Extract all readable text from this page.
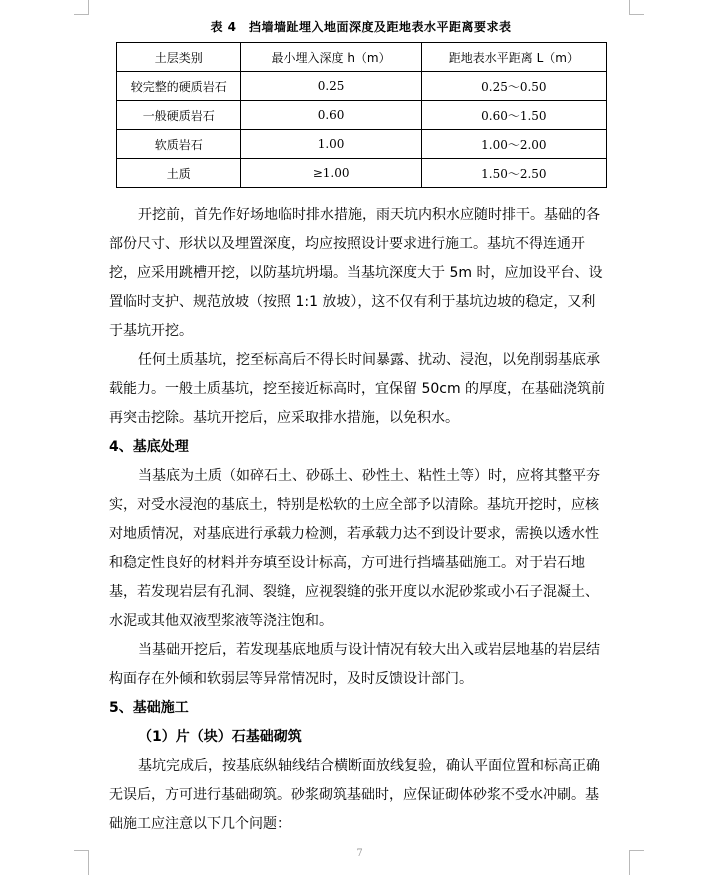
表 4　挡墙墙趾埋入地面深度及距地表水平距离要求表
土层类别	最小埋入深度 h（m）	距地表水平距离 L（m）
较完整的硬质岩石	0.25	0.25～0.50
一般硬质岩石	0.60	0.60～1.50
软质岩石	1.00	1.00～2.00
土质	≥1.00	1.50～2.50

开挖前，首先作好场地临时排水措施，雨天坑内积水应随时排干。基础的各部份尺寸、形状以及埋置深度，均应按照设计要求进行施工。基坑不得连通开挖，应采用跳槽开挖，以防基坑坍塌。当基坑深度大于 5m 时，应加设平台、设置临时支护、规范放坡（按照 1:1 放坡），这不仅有利于基坑边坡的稳定，又利于基坑开挖。

任何土质基坑，挖至标高后不得长时间暴露、扰动、浸泡，以免削弱基底承载能力。一般土质基坑，挖至接近标高时，宜保留 50cm 的厚度，在基础浇筑前再突击挖除。基坑开挖后，应采取排水措施，以免积水。

4、基底处理

当基底为土质（如碎石土、砂砾土、砂性土、粘性土等）时，应将其整平夯实，对受水浸泡的基底土，特别是松软的土应全部予以清除。基坑开挖时，应核对地质情况，对基底进行承载力检测，若承载力达不到设计要求，需换以透水性和稳定性良好的材料并夯填至设计标高，方可进行挡墙基础施工。对于岩石地基，若发现岩层有孔洞、裂缝，应视裂缝的张开度以水泥砂浆或小石子混凝土、水泥或其他双液型浆液等浇注饱和。

当基础开挖后，若发现基底地质与设计情况有较大出入或岩层地基的岩层结构面存在外倾和软弱层等异常情况时，及时反馈设计部门。

5、基础施工

（1）片（块）石基础砌筑

基坑完成后，按基底纵轴线结合横断面放线复验，确认平面位置和标高正确无误后，方可进行基础砌筑。砂浆砌筑基础时，应保证砌体砂浆不受水冲刷。基础施工应注意以下几个问题：

7
